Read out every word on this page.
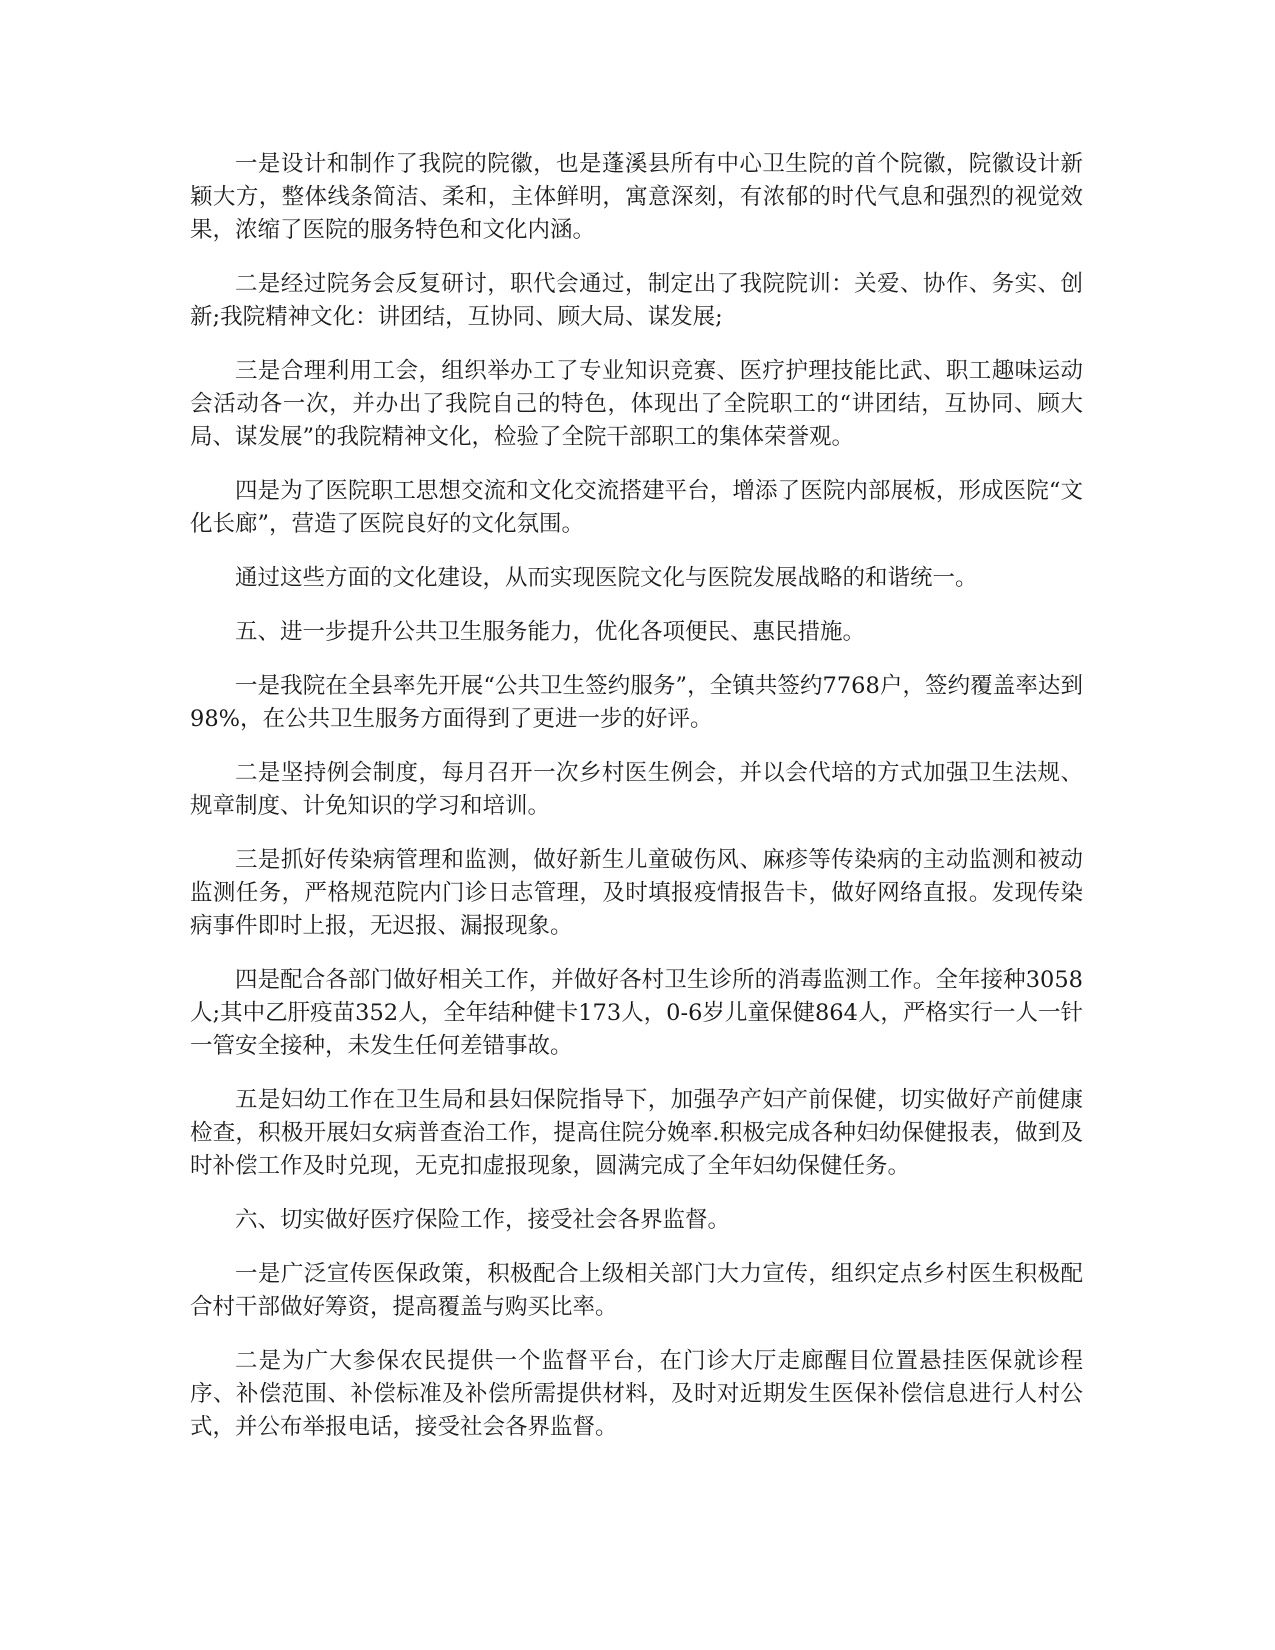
一是设计和制作了我院的院徽，也是蓬溪县所有中心卫生院的首个院徽，院徽设计新颖大方，整体线条简洁、柔和，主体鲜明，寓意深刻，有浓郁的时代气息和强烈的视觉效果，浓缩了医院的服务特色和文化内涵。

二是经过院务会反复研讨，职代会通过，制定出了我院院训：关爱、协作、务实、创新;我院精神文化：讲团结，互协同、顾大局、谋发展;

三是合理利用工会，组织举办工了专业知识竞赛、医疗护理技能比武、职工趣味运动会活动各一次，并办出了我院自己的特色，体现出了全院职工的“讲团结，互协同、顾大局、谋发展”的我院精神文化，检验了全院干部职工的集体荣誉观。

四是为了医院职工思想交流和文化交流搭建平台，增添了医院内部展板，形成医院“文化长廊”，营造了医院良好的文化氛围。

通过这些方面的文化建设，从而实现医院文化与医院发展战略的和谐统一。

五、进一步提升公共卫生服务能力，优化各项便民、惠民措施。

一是我院在全县率先开展“公共卫生签约服务”，全镇共签约7768户，签约覆盖率达到98%，在公共卫生服务方面得到了更进一步的好评。

二是坚持例会制度，每月召开一次乡村医生例会，并以会代培的方式加强卫生法规、规章制度、计免知识的学习和培训。

三是抓好传染病管理和监测，做好新生儿童破伤风、麻疹等传染病的主动监测和被动监测任务，严格规范院内门诊日志管理，及时填报疫情报告卡，做好网络直报。发现传染病事件即时上报，无迟报、漏报现象。

四是配合各部门做好相关工作，并做好各村卫生诊所的消毒监测工作。全年接种3058人;其中乙肝疫苗352人，全年结种健卡173人，0-6岁儿童保健864人，严格实行一人一针一管安全接种，未发生任何差错事故。

五是妇幼工作在卫生局和县妇保院指导下，加强孕产妇产前保健，切实做好产前健康检查，积极开展妇女病普查治工作，提高住院分娩率.积极完成各种妇幼保健报表，做到及时补偿工作及时兑现，无克扣虚报现象，圆满完成了全年妇幼保健任务。

六、切实做好医疗保险工作，接受社会各界监督。

一是广泛宣传医保政策，积极配合上级相关部门大力宣传，组织定点乡村医生积极配合村干部做好筹资，提高覆盖与购买比率。

二是为广大参保农民提供一个监督平台，在门诊大厅走廊醒目位置悬挂医保就诊程序、补偿范围、补偿标准及补偿所需提供材料，及时对近期发生医保补偿信息进行人村公式，并公布举报电话，接受社会各界监督。
